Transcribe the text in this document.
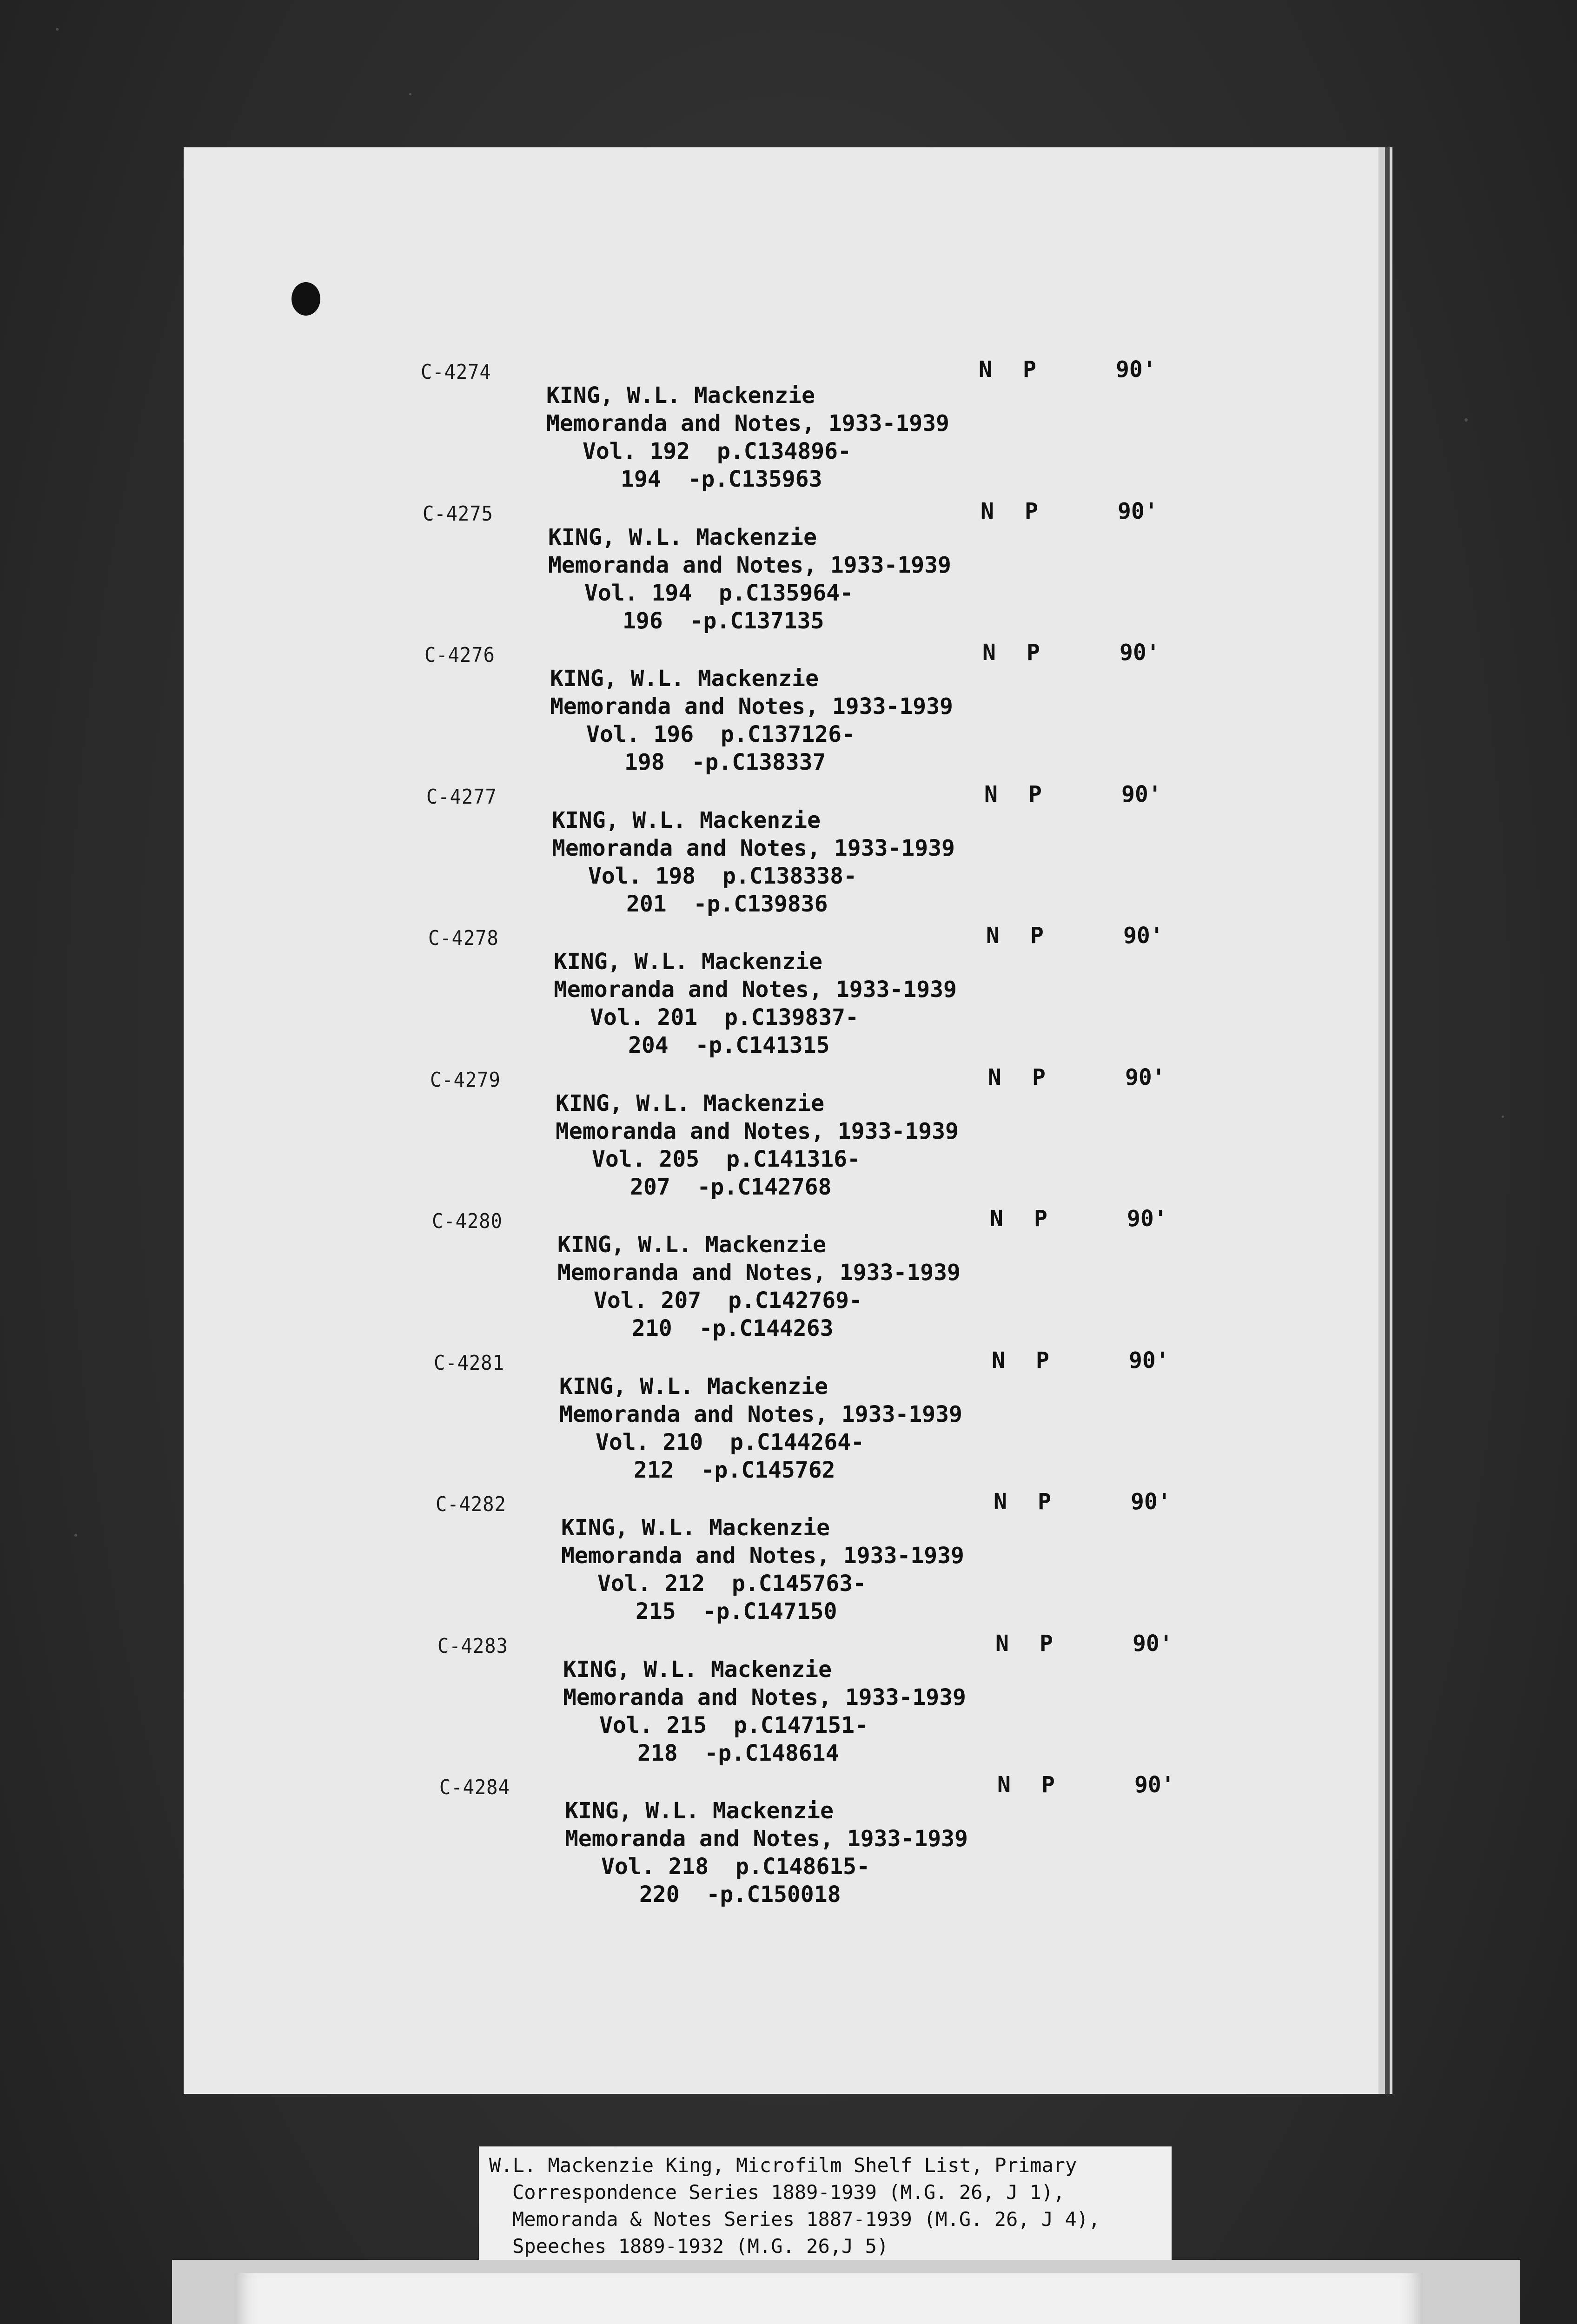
C-4274
KING, W.L. Mackenzie
Memoranda and Notes, 1933-1939
Vol. 192  p.C134896-
194  -p.C135963
N P	90'
C-4275
KING, W.L. Mackenzie
Memoranda and Notes, 1933-1939
Vol. 194  p.C135964-
196  -p.C137135
N P	90'
C-4276
KING, W.L. Mackenzie
Memoranda and Notes, 1933-1939
Vol. 196  p.C137126-
198  -p.C138337
N P	90'
C-4277
KING, W.L. Mackenzie
Memoranda and Notes, 1933-1939
Vol. 198  p.C138338-
201  -p.C139836
N P	90'
C-4278
KING, W.L. Mackenzie
Memoranda and Notes, 1933-1939
Vol. 201  p.C139837-
204  -p.C141315
N P	90'
C-4279
KING, W.L. Mackenzie
Memoranda and Notes, 1933-1939
Vol. 205  p.C141316-
207  -p.C142768
N P	90'
C-4280
KING, W.L. Mackenzie
Memoranda and Notes, 1933-1939
Vol. 207  p.C142769-
210  -p.C144263
N P	90'
C-4281
KING, W.L. Mackenzie
Memoranda and Notes, 1933-1939
Vol. 210  p.C144264-
212  -p.C145762
N P	90'
C-4282
KING, W.L. Mackenzie
Memoranda and Notes, 1933-1939
Vol. 212  p.C145763-
215  -p.C147150
N P	90'
C-4283
KING, W.L. Mackenzie
Memoranda and Notes, 1933-1939
Vol. 215  p.C147151-
218  -p.C148614
N P	90'
C-4284
KING, W.L. Mackenzie
Memoranda and Notes, 1933-1939
Vol. 218  p.C148615-
220  -p.C150018
N P	90'
W.L. Mackenzie King, Microfilm Shelf List, Primary
Correspondence Series 1889-1939 (M.G. 26, J 1),
Memoranda & Notes Series 1887-1939 (M.G. 26, J 4),
Speeches 1889-1932 (M.G. 26,J 5)
